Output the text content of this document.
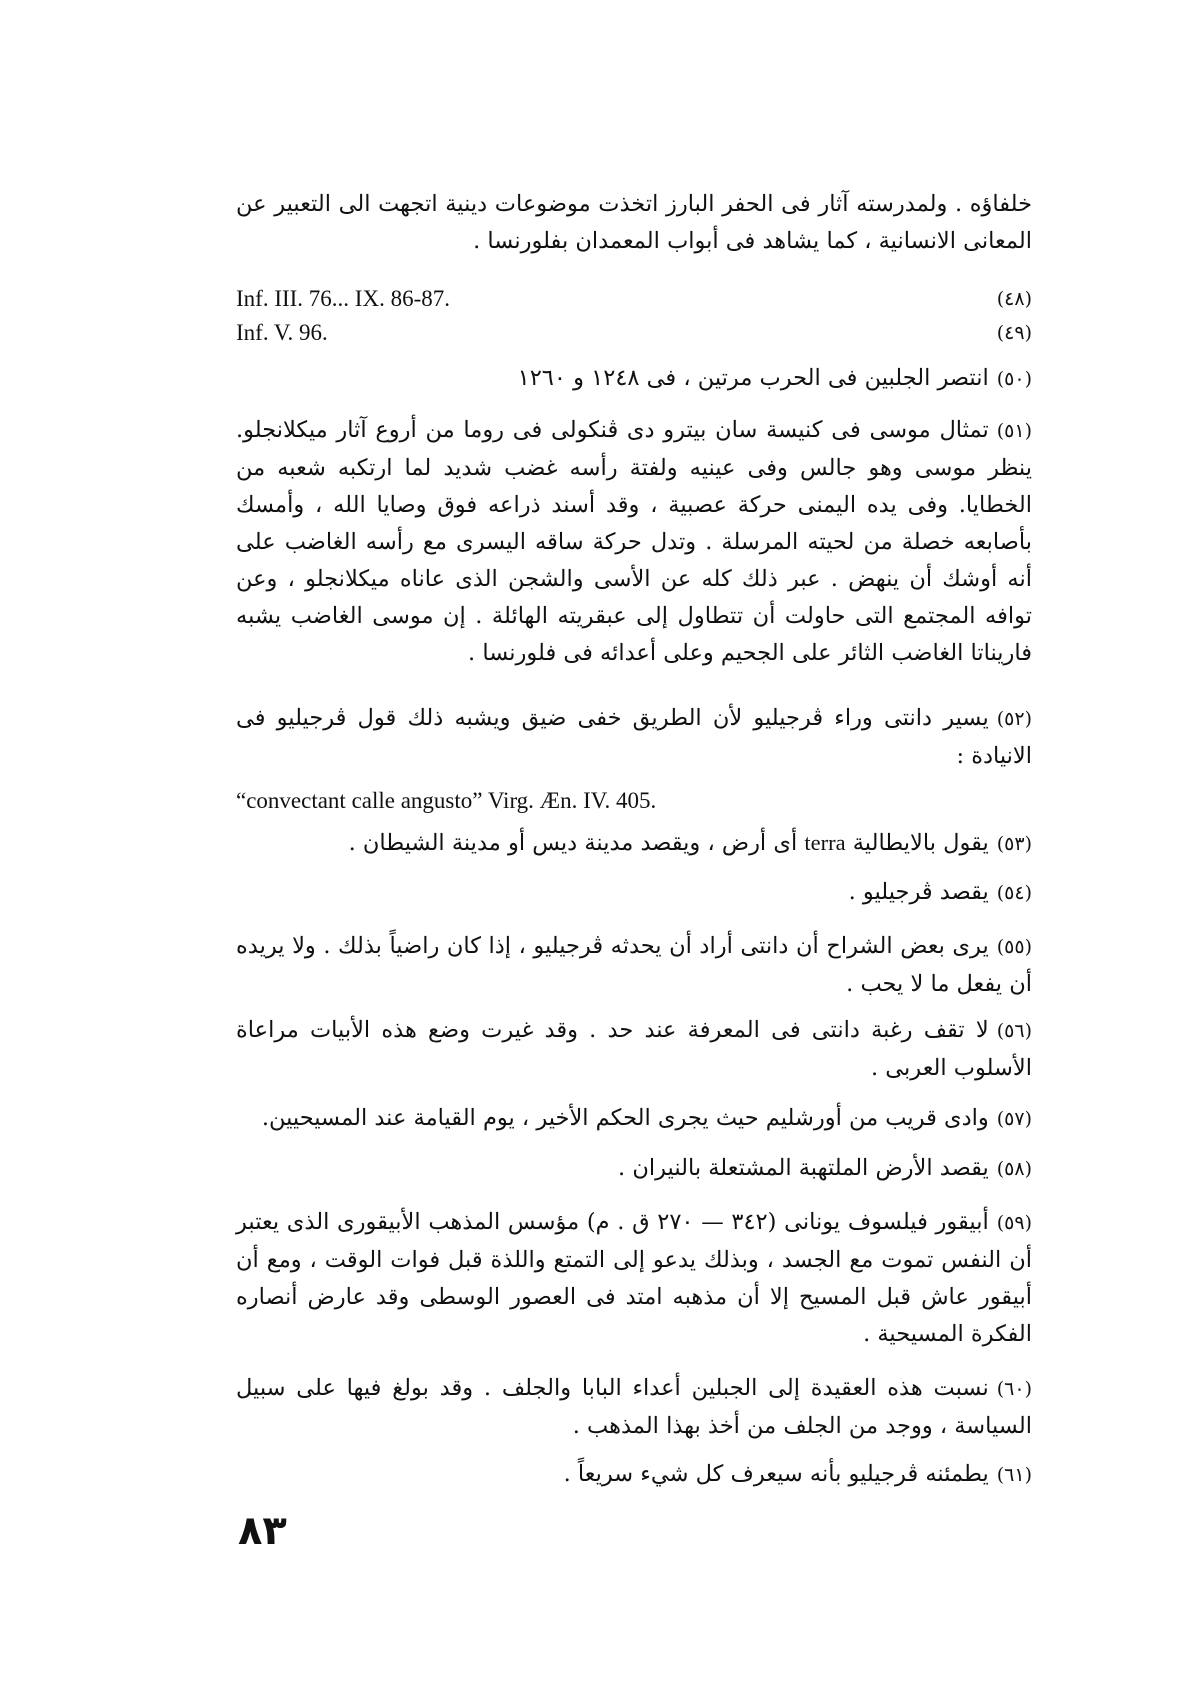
خلفاؤه . ولمدرسته آثار فى الحفر البارز اتخذت موضوعات دينية اتجهت الى التعبير عن المعانى الانسانية ، كما يشاهد فى أبواب المعمدان بفلورنسا .

Inf. III. 76... IX. 86-87.	(٤٨)
Inf. V. 96.	(٤٩)

(٥٠)انتصر الجلبين فى الحرب مرتين ، فى ١٢٤٨ و ١٢٦٠

(٥١)تمثال موسى فى كنيسة سان بيترو دى ڤنكولى فى روما من أروع آثار ميكلانجلو. ينظر موسى وهو جالس وفى عينيه ولفتة رأسه غضب شديد لما ارتكبه شعبه من الخطايا. وفى يده اليمنى حركة عصبية ، وقد أسند ذراعه فوق وصايا الله ، وأمسك بأصابعه خصلة من لحيته المرسلة . وتدل حركة ساقه اليسرى مع رأسه الغاضب على أنه أوشك أن ينهض . عبر ذلك كله عن الأسى والشجن الذى عاناه ميكلانجلو ، وعن توافه المجتمع التى حاولت أن تتطاول إلى عبقريته الهائلة . إن موسى الغاضب يشبه فاريناتا الغاضب الثائر على الجحيم وعلى أعدائه فى فلورنسا .

(٥٢)يسير دانتى وراء ڤرجيليو لأن الطريق خفى ضيق ويشبه ذلك قول ڤرجيليو فى الانيادة :

“convectant calle angusto” Virg. Æn. IV. 405.

(٥٣)يقول بالايطالية terra أى أرض ، ويقصد مدينة ديس أو مدينة الشيطان .

(٥٤)يقصد ڤرجيليو .

(٥٥)يرى بعض الشراح أن دانتى أراد أن يحدثه ڤرجيليو ، إذا كان راضياً بذلك . ولا يريده أن يفعل ما لا يحب .

(٥٦)لا تقف رغبة دانتى فى المعرفة عند حد . وقد غيرت وضع هذه الأبيات مراعاة الأسلوب العربى .

(٥٧)وادى قريب من أورشليم حيث يجرى الحكم الأخير ، يوم القيامة عند المسيحيين.

(٥٨)يقصد الأرض الملتهبة المشتعلة بالنيران .

(٥٩)أبيقور فيلسوف يونانى (٣٤٢ — ٢٧٠ ق . م) مؤسس المذهب الأبيقورى الذى يعتبر أن النفس تموت مع الجسد ، وبذلك يدعو إلى التمتع واللذة قبل فوات الوقت ، ومع أن أبيقور عاش قبل المسيح إلا أن مذهبه امتد فى العصور الوسطى وقد عارض أنصاره الفكرة المسيحية .

(٦٠)نسبت هذه العقيدة إلى الجبلين أعداء البابا والجلف . وقد بولغ فيها على سبيل السياسة ، ووجد من الجلف من أخذ بهذا المذهب .

(٦١)يطمئنه ڤرجيليو بأنه سيعرف كل شيء سريعاً .

٨٣
